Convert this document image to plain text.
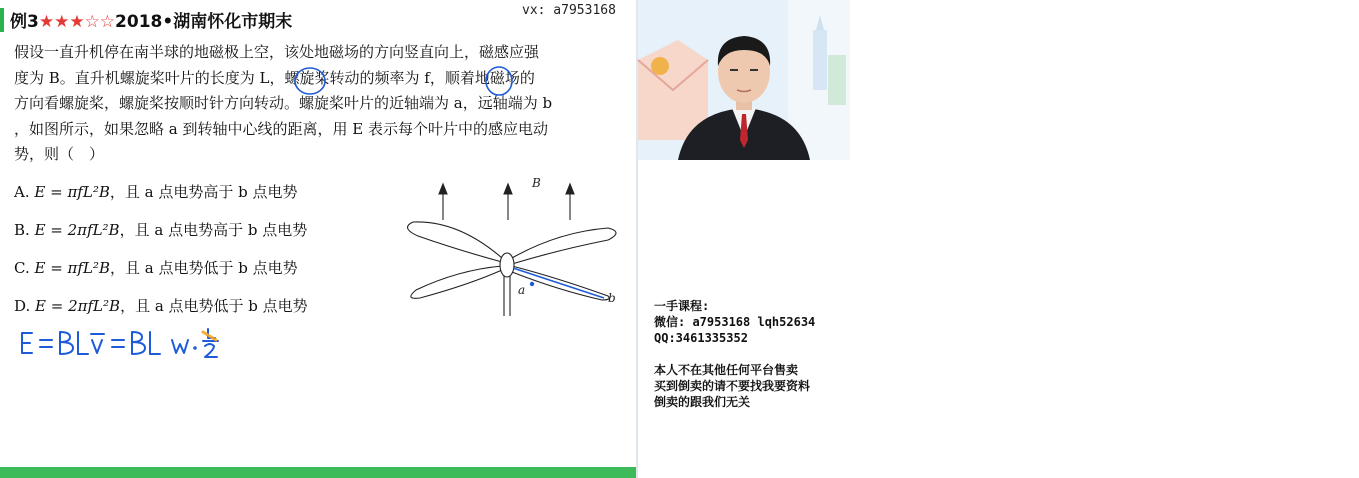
例3★★★☆☆2018•湖南怀化市期末

假设一直升机停在南半球的地磁极上空，该处地磁场的方向竖直向上，磁感应强

度为 B。直升机螺旋桨叶片的长度为 L，螺旋桨转动的频率为 f，顺着地磁场的

方向看螺旋桨，螺旋桨按顺时针方向转动。螺旋桨叶片的近轴端为 a，远轴端为 b

，如图所示，如果忽略 a 到转轴中心线的距离，用 E 表示每个叶片中的感应电动

势，则（　）

A. E = πfL²B，且 a 点电势高于 b 点电势
B. E = 2πfL²B，且 a 点电势高于 b 点电势
C. E = πfL²B，且 a 点电势低于 b 点电势
D. E = 2πfL²B，且 a 点电势低于 b 点电势
B
a
b
vx: a7953168	EV视频转换器
一手课程:
微信: a7953168 lqh52634
QQ:3461335352
本人不在其他任何平台售卖
买到倒卖的请不要找我要资料
倒卖的跟我们无关
